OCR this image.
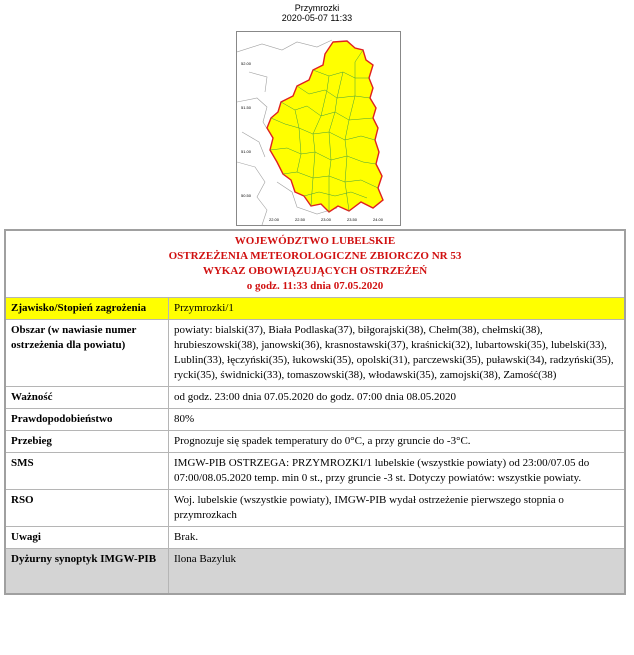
Przymrozki
2020-05-07 11:33
52.00
51.50
51.00
50.50
22.00	22.50	23.00	23.50	24.00
WOJEWÓDZTWO LUBELSKIE
OSTRZEŻENIA METEOROLOGICZNE ZBIORCZO NR 53
WYKAZ OBOWIĄZUJĄCYCH OSTRZEŻEŃ
o godz. 11:33 dnia 07.05.2020	

Zjawisko/Stopień zagrożenia	Przymrozki/1
Obszar (w nawiasie numer ostrzeżenia dla powiatu)	powiaty: bialski(37), Biała Podlaska(37), biłgorajski(38), Chełm(38), chełmski(38), hrubieszowski(38), janowski(36), krasnostawski(37), kraśnicki(32), lubartowski(35), lubelski(33), Lublin(33), łęczyński(35), łukowski(35), opolski(31), parczewski(35), puławski(34), radzyński(35), rycki(35), świdnicki(33), tomaszowski(38), włodawski(35), zamojski(38), Zamość(38)
Ważność	od godz. 23:00 dnia 07.05.2020 do godz. 07:00 dnia 08.05.2020
Prawdopodobieństwo	80%
Przebieg	Prognozuje się spadek temperatury do 0°C, a przy gruncie do -3°C.
SMS	IMGW-PIB OSTRZEGA: PRZYMROZKI/1 lubelskie (wszystkie powiaty) od 23:00/07.05 do 07:00/08.05.2020 temp. min 0 st., przy gruncie -3 st. Dotyczy powiatów: wszystkie powiaty.
RSO	Woj. lubelskie (wszystkie powiaty), IMGW-PIB wydał ostrzeżenie pierwszego stopnia o przymrozkach
Uwagi	Brak.
Dyżurny synoptyk IMGW-PIB	Ilona Bazyluk
